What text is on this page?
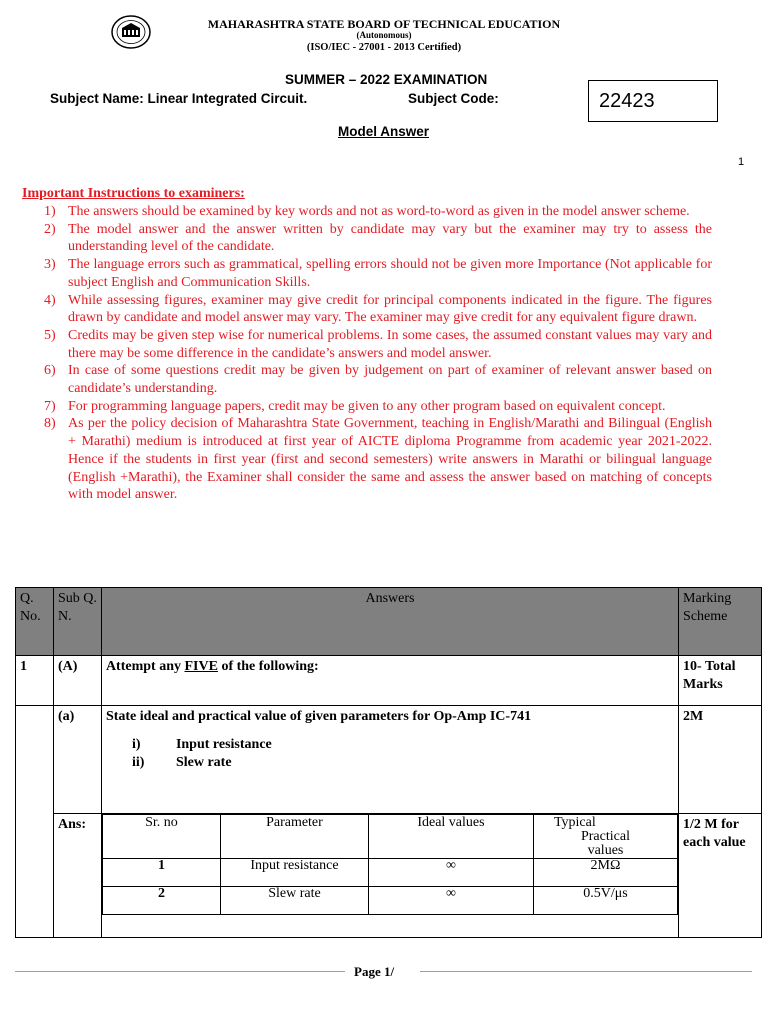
MAHARASHTRA STATE BOARD OF TECHNICAL EDUCATION
(Autonomous)
(ISO/IEC - 27001 - 2013 Certified)
SUMMER – 2022 EXAMINATION
Subject Name: Linear Integrated Circuit.	Subject Code:	22423
Model Answer
1
Important Instructions to examiners:
1) The answers should be examined by key words and not as word-to-word as given in the model answer scheme.
2) The model answer and the answer written by candidate may vary but the examiner may try to assess the understanding level of the candidate.
3) The language errors such as grammatical, spelling errors should not be given more Importance (Not applicable for subject English and Communication Skills.
4) While assessing figures, examiner may give credit for principal components indicated in the figure. The figures drawn by candidate and model answer may vary. The examiner may give credit for any equivalent figure drawn.
5) Credits may be given step wise for numerical problems. In some cases, the assumed constant values may vary and there may be some difference in the candidate’s answers and model answer.
6) In case of some questions credit may be given by judgement on part of examiner of relevant answer based on candidate’s understanding.
7) For programming language papers, credit may be given to any other program based on equivalent concept.
8) As per the policy decision of Maharashtra State Government, teaching in English/Marathi and Bilingual (English + Marathi) medium is introduced at first year of AICTE diploma Programme from academic year 2021-2022. Hence if the students in first year (first and second semesters) write answers in Marathi or bilingual language (English +Marathi), the Examiner shall consider the same and assess the answer based on matching of concepts with model answer.
Q. No.	Sub Q. N.	Answers	Marking Scheme
1	(A)	Attempt any FIVE of the following:	10- Total Marks
	(a)	State ideal and practical value of given parameters for Op-Amp IC-741
i)	Input resistance
ii) Slew rate
	2M
Ans:		Sr. no	Parameter	Ideal values	Typical
Practical
values

1	Input resistance	∞	2MΩ
2	Slew rate	∞	0.5V/μs
	1/2 M for each value
Page 1/
